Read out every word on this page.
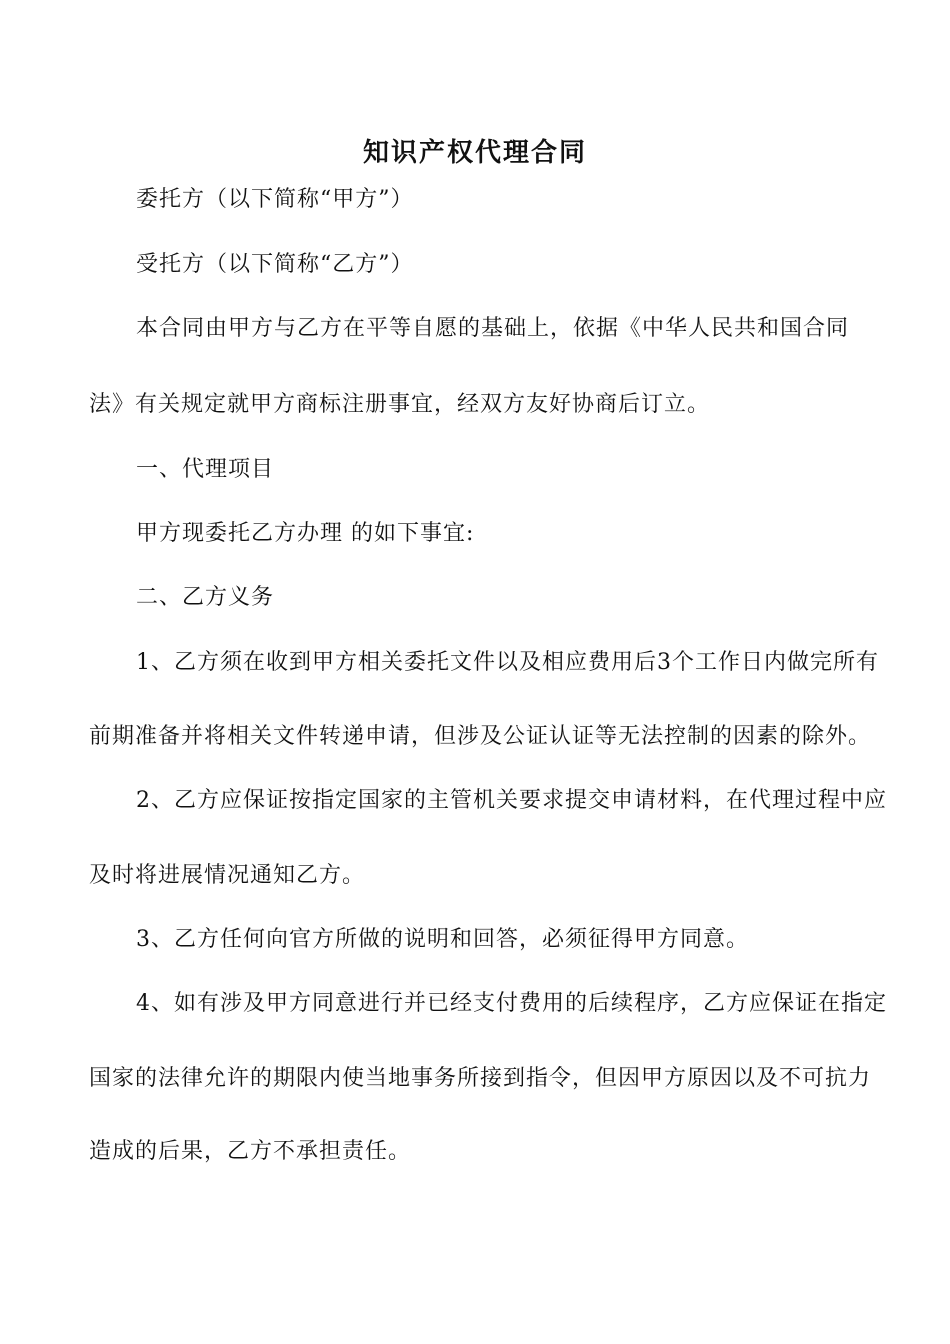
知识产权代理合同
委托方（以下简称“甲方”）
受托方（以下简称“乙方”）
本合同由甲方与乙方在平等自愿的基础上，依据《中华人民共和国合同
法》有关规定就甲方商标注册事宜，经双方友好协商后订立。
一、代理项目
甲方现委托乙方办理 的如下事宜:
二、乙方义务
1、乙方须在收到甲方相关委托文件以及相应费用后3个工作日内做完所有
前期准备并将相关文件转递申请，但涉及公证认证等无法控制的因素的除外。
2、乙方应保证按指定国家的主管机关要求提交申请材料，在代理过程中应
及时将进展情况通知乙方。
3、乙方任何向官方所做的说明和回答，必须征得甲方同意。
4、如有涉及甲方同意进行并已经支付费用的后续程序，乙方应保证在指定
国家的法律允许的期限内使当地事务所接到指令，但因甲方原因以及不可抗力
造成的后果，乙方不承担责任。
